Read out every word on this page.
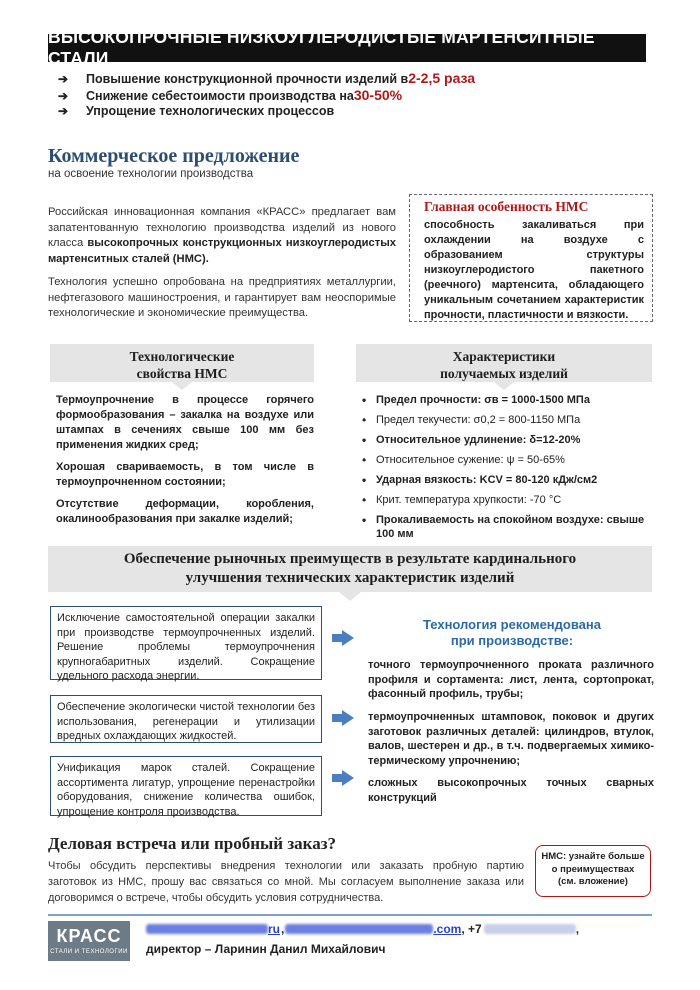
ВЫСОКОПРОЧНЫЕ НИЗКОУГЛЕРОДИСТЫЕ МАРТЕНСИТНЫЕ СТАЛИ
➔	Повышение конструкционной прочности изделий в 2-2,5 раза
➔	Снижение себестоимости производства на 30-50%
➔	Упрощение технологических процессов
Коммерческое предложение
на освоение технологии производства
Российская инновационная компания «КРАСС» предлагает вам запатентованную технологию производства изделий из нового класса высокопрочных конструкционных низкоуглеродистых мартенситных сталей (НМС).
Технология успешно опробована на предприятиях металлургии, нефтегазового машиностроения, и гарантирует вам неоспоримые технологические и экономические преимущества.
Главная особенность НМС
способность закаливаться при охлаждении на воздухе с образованием структуры низкоуглеродистого пакетного (реечного) мартенсита, обладающего уникальным сочетанием характеристик прочности, пластичности и вязкости.
Технологические
свойства НМС
Характеристики
получаемых изделий

Термоупрочнение в процессе горячего формообразования – закалка на воздухе или штампах в сечениях свыше 100 мм без применения жидких сред;

Хорошая свариваемость, в том числе в термоупрочненном состоянии;

Отсутствие деформации, коробления, окалинообразования при закалке изделий;

• Предел прочности: σв = 1000-1500 МПа
• Предел текучести: σ0,2 = 800-1150 МПа
• Относительное удлинение: δ=12-20%
• Относительное сужение: ψ = 50-65%
• Ударная вязкость: KCV = 80-120 кДж/см2
• Крит. температура хрупкости: -70 °С
• Прокаливаемость на спокойном воздухе: свыше 100 мм
Обеспечение рыночных преимуществ в результате кардинального
улучшения технических характеристик изделий
Исключение самостоятельной операции закалки при производстве термоупрочненных изделий. Решение проблемы термоупрочнения крупногабаритных изделий. Сокращение удельного расхода энергии.
Обеспечение экологически чистой технологии без использования, регенерации и утилизации вредных охлаждающих жидкостей.
Унификация марок сталей. Сокращение ассортимента лигатур, упрощение перенастройки оборудования, снижение количества ошибок, упрощение контроля производства.
Технология рекомендована
при производстве:
точного термоупрочненного проката различного профиля и сортамента: лист, лента, сортопрокат, фасонный профиль, трубы;
термоупрочненных штамповок, поковок и других заготовок различных деталей: цилиндров, втулок, валов, шестерен и др., в т.ч. подвергаемых химико-термическому упрочнению;
сложных высокопрочных точных сварных конструкций
Деловая встреча или пробный заказ?
Чтобы обсудить перспективы внедрения технологии или заказать пробную партию заготовок из НМС, прошу вас связаться со мной. Мы согласуем выполнение заказа или договоримся о встрече, чтобы обсудить условия сотрудничества.
НМС: узнайте больше
о преимуществах
(см. вложение)
КРАСС
СТАЛИ И ТЕХНОЛОГИИ
ru ,	.com , +7	,
директор – Ларинин Данил Михайлович
